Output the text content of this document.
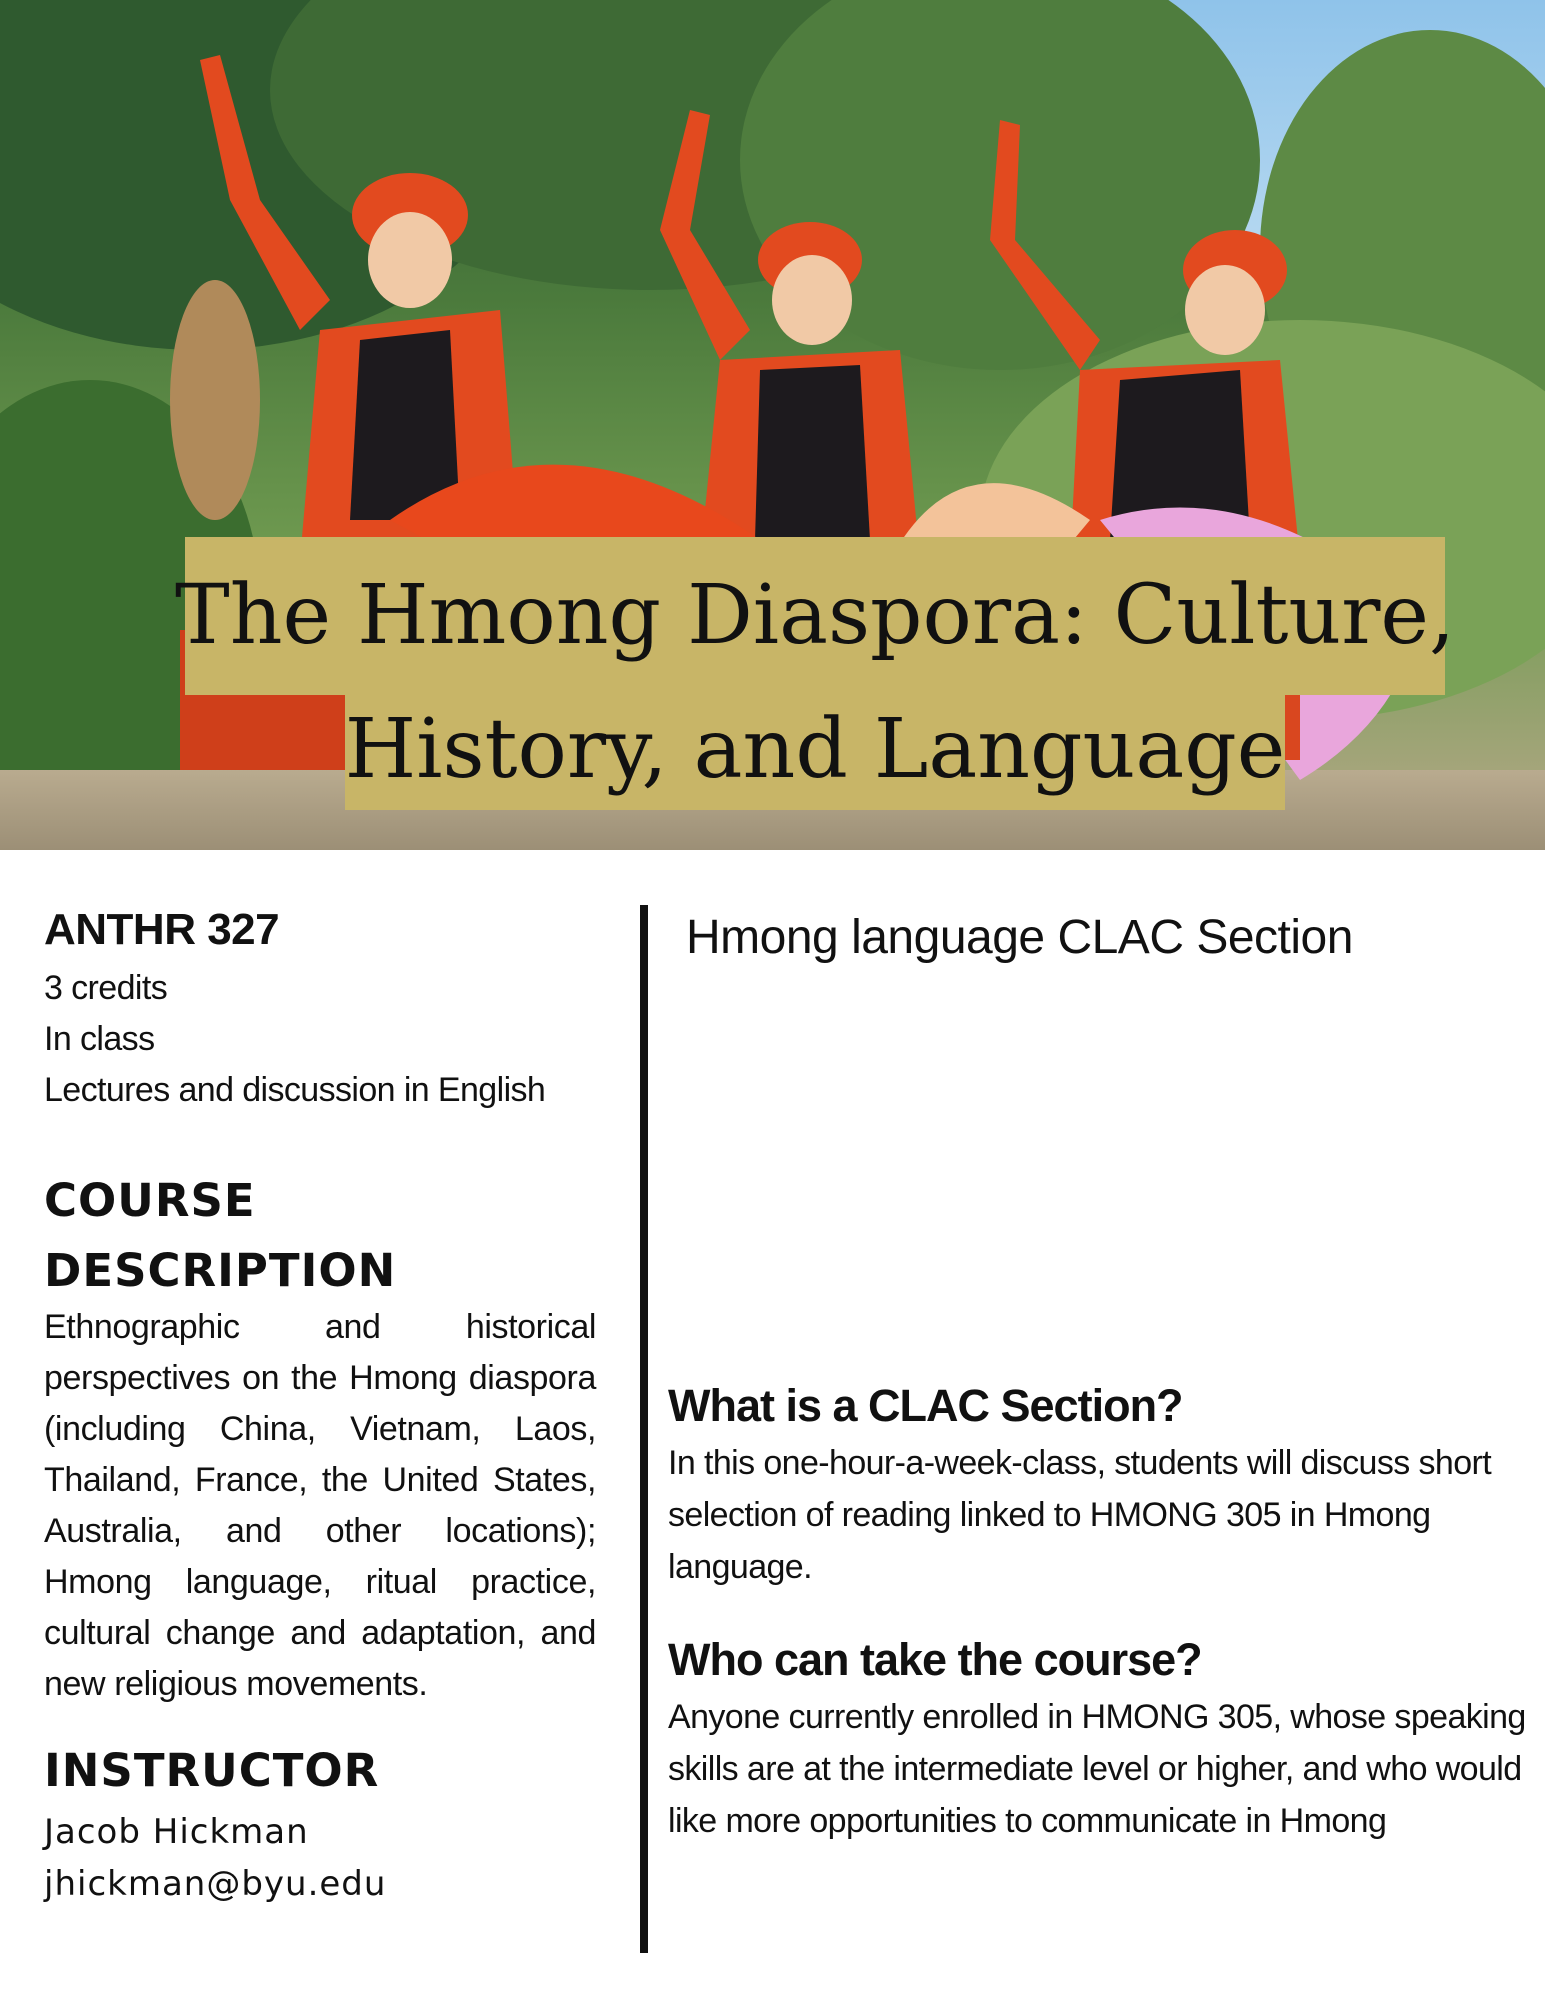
The Hmong Diaspora: Culture,
History, and Language
ANTHR 327
3 credits
In class
Lectures and discussion in English
COURSE
DESCRIPTION
Ethnographic and historical perspectives on the Hmong diaspora (including China, Vietnam, Laos, Thailand, France, the United States, Australia, and other locations); Hmong language, ritual practice, cultural change and adaptation, and new religious movements.
INSTRUCTOR
Jacob Hickman
jhickman@byu.edu
Hmong language CLAC Section
What is a CLAC Section?
In this one-hour-a-week-class, students will discuss short selection of reading linked to HMONG 305 in Hmong language.
Who can take the course?
Anyone currently enrolled in HMONG 305, whose speaking skills are at the intermediate level or higher, and who would like more opportunities to communicate in Hmong
